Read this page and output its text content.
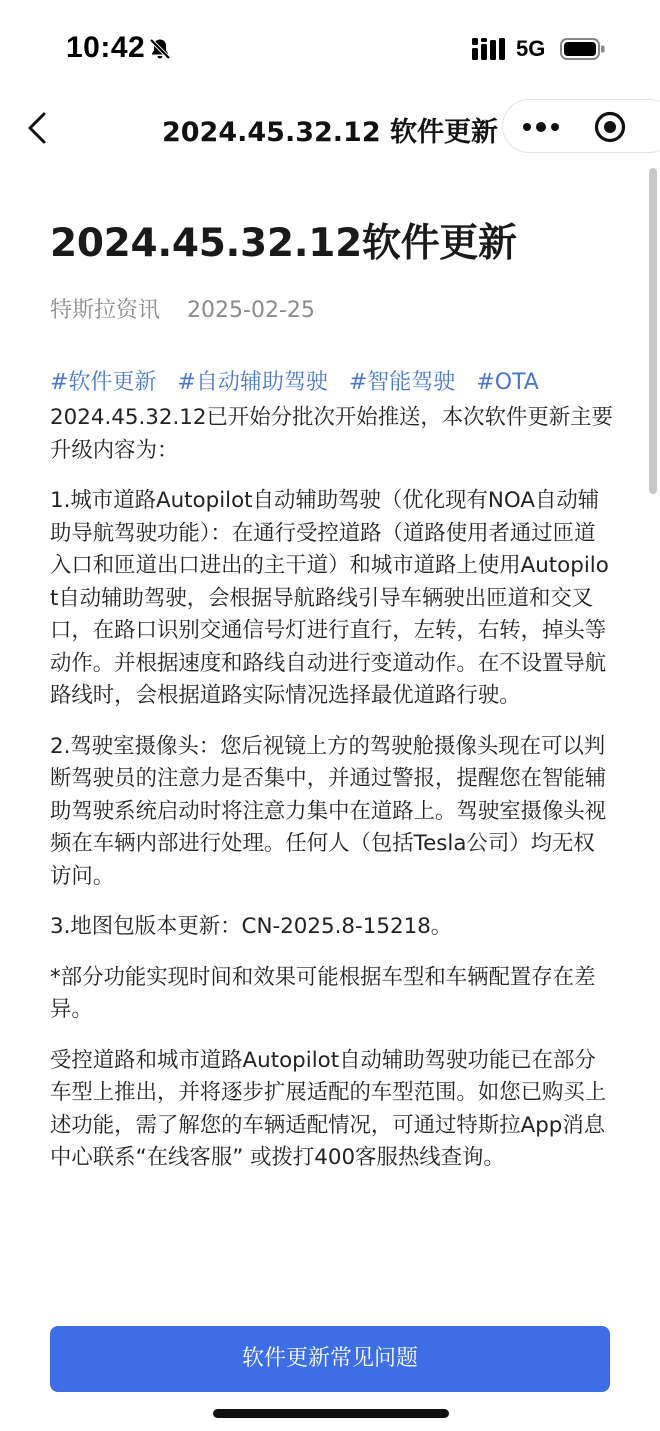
10:42	5G
2024.45.32.12 软件更新
2024.45.32.12软件更新
特斯拉资讯 2025-02-25
#软件更新 #自动辅助驾驶 #智能驾驶 #OTA

2024.45.32.12已开始分批次开始推送，本次软件更新主要升级内容为：

1.城市道路Autopilot自动辅助驾驶（优化现有NOA自动辅助导航驾驶功能）：在通行受控道路（道路使用者通过匝道入口和匝道出口进出的主干道）和城市道路上使用Autopilot自动辅助驾驶，会根据导航路线引导车辆驶出匝道和交叉口，在路口识别交通信号灯进行直行，左转，右转，掉头等动作。并根据速度和路线自动进行变道动作。在不设置导航路线时，会根据道路实际情况选择最优道路行驶。

2.驾驶室摄像头：您后视镜上方的驾驶舱摄像头现在可以判断驾驶员的注意力是否集中，并通过警报，提醒您在智能辅助驾驶系统启动时将注意力集中在道路上。驾驶室摄像头视频在车辆内部进行处理。任何人（包括Tesla公司）均无权访问。

3.地图包版本更新：CN-2025.8-15218。

*部分功能实现时间和效果可能根据车型和车辆配置存在差异。

受控道路和城市道路Autopilot自动辅助驾驶功能已在部分车型上推出，并将逐步扩展适配的车型范围。如您已购买上述功能，需了解您的车辆适配情况，可通过特斯拉App消息中心联系“在线客服” 或拨打400客服热线查询。

软件更新常见问题
